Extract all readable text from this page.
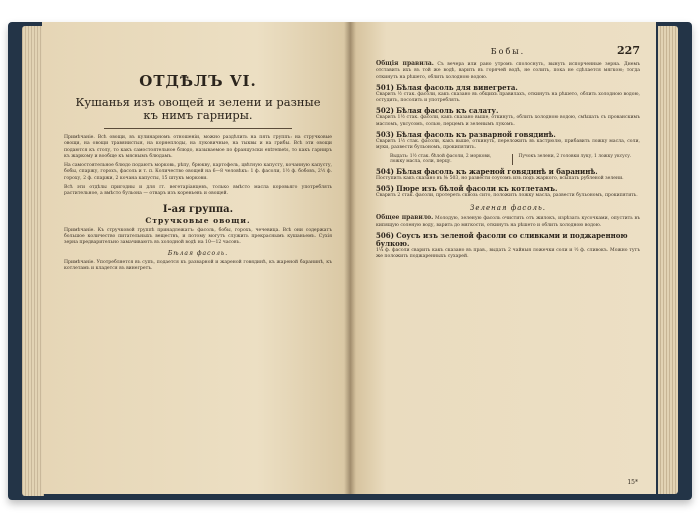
ОТДѢЛЪ VI.
Кушанья изъ овощей и зелени и разные къ нимъ гарниры.
Примѣчаніе. Всѣ овощи, въ кулинарномъ отношеніи, можно раздѣлить на пять группъ: на стручковые овощи, на овощи травянистыя, на корнеплоды, на луковичные, на тыквы и на грибы. Всѣ эти овощи подаются къ столу, то какъ самостоятельное блюдо, называемое по французски entremets, то какъ гарниръ къ жаркому и вообще къ мяснымъ блюдамъ.
На самостоятельное блюдо подаютъ морковь, рѣпу, брюкву, картофель, цвѣтную капусту, кочанную капусту, бобы, спаржу, горохъ, фасоль и т. п. Количество овощей на 6—8 человѣкъ: 1 ф. фасоли, 1½ ф. бобовъ, 2½ ф. гороху, 2 ф. спаржи, 2 кочана капусты, 15 штукъ моркови.
Всѣ эти отдѣлы пригодны и для гг. вегетаріанцевъ, только вмѣсто масла коровьяго употреблять растительное, а вмѣсто бульона — отваръ изъ кореньевъ и овощей.
I-ая группа.
Стручковые овощи.
Примѣчаніе. Къ стручковой группѣ принадлежатъ: фасоль, бобы, горохъ, чечевица. Всѣ они содержатъ большое количество питательныхъ веществъ, и потому могутъ служить прекраснымъ кушаньемъ. Сухія зерна предварительно замачиваютъ въ холодной водѣ на 10—12 часовъ.
Бѣлая фасоль.
Примѣчаніе. Употребляется въ супъ, подается къ разварной и жареной говядинѣ, къ жареной баранинѣ, къ котлетамъ и кладется въ винегретъ.
Бобы.	227
Общія правила. Съ вечера или рано утромъ сполоснуть, вынуть испорченные зерна. Днемъ отставить ихъ въ той же водѣ, варить въ горячей водѣ, не солить, пока не сдѣлается мягкою; тогда откинуть на рѣшето, облить холодною водою.
501) Бѣлая фасоль для винегрета.
Сварить ½ стак. фасоли, какъ сказано въ общихъ правилахъ, откинуть на рѣшето, облить холодною водою, остудить, посолить и употреблять.
502) Бѣлая фасоль къ салату.
Сварить 1½ стак. фасоли, какъ сказано выше, откинуть, облить холодною водою, смѣшать съ прованскимъ масломъ, уксусомъ, солью, перцемъ и зеленымъ лукомъ.
503) Бѣлая фасоль къ разварной говядинѣ.
Сварить 1½ стак. фасоли, какъ выше, откинуть, переложить въ кастрюлю, прибавить ложку масла, соли, муки, развести бульономъ, прокипятить.
Выдать: 1½ стак. бѣлой фасоли, 2 моркови, ложку масла, соли, перцу.
Пучокъ зелени, 2 головки луку, 1 ложку уксусу.
504) Бѣлая фасоль къ жареной говядинѣ и баранинѣ.
Поступить какъ сказано въ № 503, но развести соусомъ изъ подъ жаркого, всыпать рубленой зелени.
505) Пюре изъ бѣлой фасоли къ котлетамъ.
Сварить 2 стак. фасоли, протереть сквозь сито, положить ложку масла, развести бульономъ, прокипятить.
Зеленая фасоль.
Общее правило. Молодую, зеленую фасоль очистить отъ жилокъ, изрѣзать кусочками, опустить въ кипящую соленую воду, варить до мягкости, откинуть на рѣшето и облить холодною водою.
506) Соусъ изъ зеленой фасоли со сливками и поджаренною булкою.
1¼ ф. фасоли сварить какъ сказано въ прав., выдать 2 чайныя ложечки соли и ½ ф. сливокъ. Можно тутъ же положить поджаренныхъ сухарей.
15*
